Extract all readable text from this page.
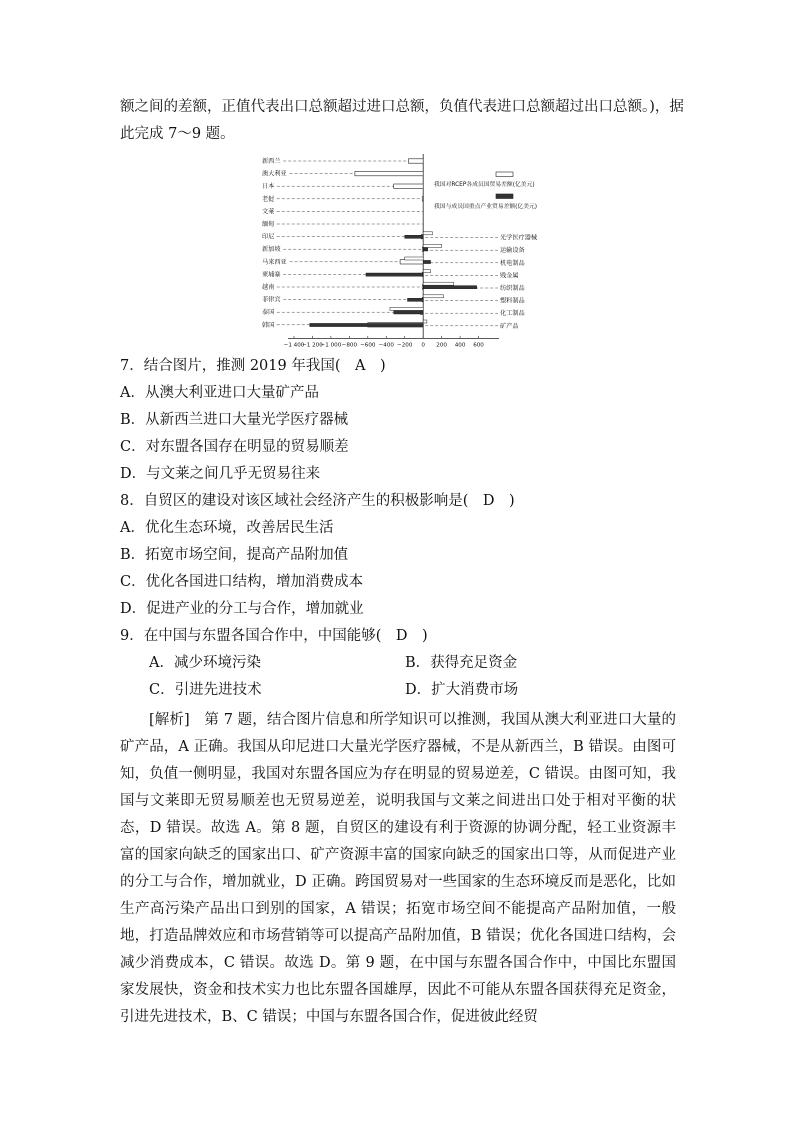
额之间的差额，正值代表出口总额超过进口总额，负值代表进口总额超过出口总额。)，据
此完成 7～9 题。
新西兰
澳大利亚
日本
老挝
文莱
缅甸
印尼
新加坡
马来西亚
柬埔寨
越南
菲律宾
泰国
韩国
光学医疗器械
运输设备
机电制品
贱金属
纺织制品
塑料制品
化工制品
矿产品
−1 400
−1 200
−1 000 −800 −600 −400 −200 0 200 400 600
我国对RCEP各成员国贸易差额(亿美元)
我国与成员国重点产业贸易差额(亿美元)
7．结合图片，推测 2019 年我国(　A　)
A．从澳大利亚进口大量矿产品
B．从新西兰进口大量光学医疗器械
C．对东盟各国存在明显的贸易顺差
D．与文莱之间几乎无贸易往来
8．自贸区的建设对该区域社会经济产生的积极影响是(　D　)
A．优化生态环境，改善居民生活
B．拓宽市场空间，提高产品附加值
C．优化各国进口结构，增加消费成本
D．促进产业的分工与合作，增加就业
9．在中国与东盟各国合作中，中国能够(　D　)
A．减少环境污染	B．获得充足资金
C．引进先进技术	D．扩大消费市场
[解析]　第 7 题，结合图片信息和所学知识可以推测，我国从澳大利亚进口大量的矿产品，A 正确。我国从印尼进口大量光学医疗器械，不是从新西兰，B 错误。由图可知，负值一侧明显，我国对东盟各国应为存在明显的贸易逆差，C 错误。由图可知，我国与文莱即无贸易顺差也无贸易逆差，说明我国与文莱之间进出口处于相对平衡的状态，D 错误。故选 A。第 8 题，自贸区的建设有利于资源的协调分配，轻工业资源丰富的国家向缺乏的国家出口、矿产资源丰富的国家向缺乏的国家出口等，从而促进产业的分工与合作，增加就业，D 正确。跨国贸易对一些国家的生态环境反而是恶化，比如生产高污染产品出口到别的国家，A 错误；拓宽市场空间不能提高产品附加值，一般地，打造品牌效应和市场营销等可以提高产品附加值，B 错误；优化各国进口结构，会减少消费成本，C 错误。故选 D。第 9 题，在中国与东盟各国合作中，中国比东盟国家发展快，资金和技术实力也比东盟各国雄厚，因此不可能从东盟各国获得充足资金，引进先进技术，B、C 错误；中国与东盟各国合作，促进彼此经贸
